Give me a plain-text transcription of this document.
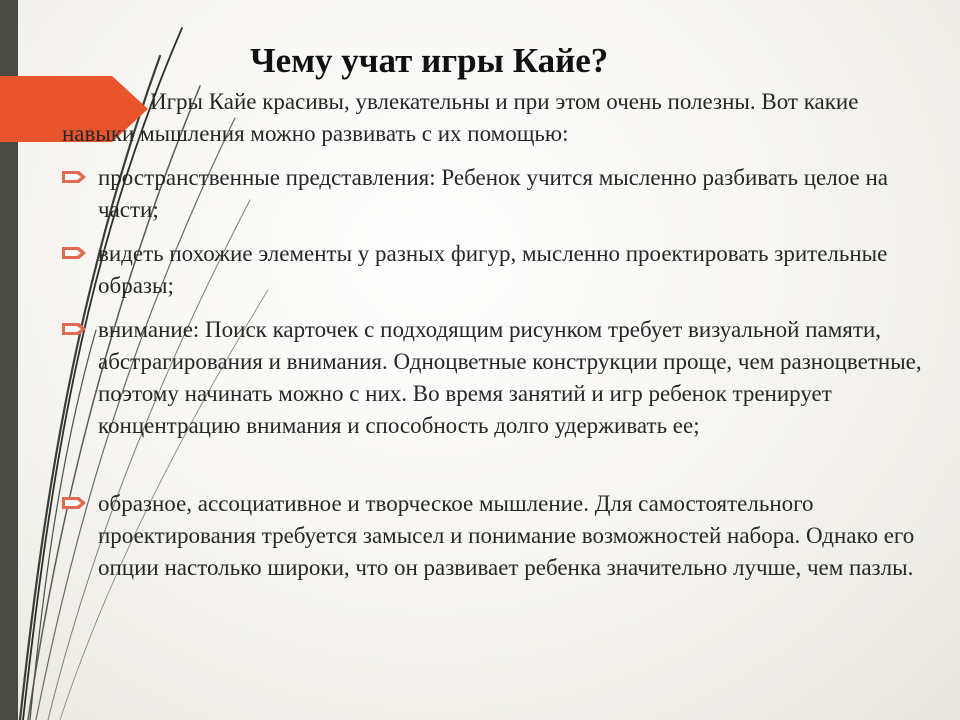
Чему учат игры Кайе?

Игры Кайе красивы, увлекательны и при этом очень полезны. Вот какие навыки мышления можно развивать с их помощью:

пространственные представления: Ребенок учится мысленно разбивать целое на части;
видеть похожие элементы у разных фигур, мысленно проектировать зрительные образы;
внимание: Поиск карточек с подходящим рисунком требует визуальной памяти, абстрагирования и внимания. Одноцветные конструкции проще, чем разноцветные, поэтому начинать можно с них. Во время занятий и игр ребенок тренирует концентрацию внимания и способность долго удерживать ее;
образное, ассоциативное и творческое мышление. Для самостоятельного проектирования требуется замысел и понимание возможностей набора. Однако его опции настолько широки, что он развивает ребенка значительно лучше, чем пазлы.
